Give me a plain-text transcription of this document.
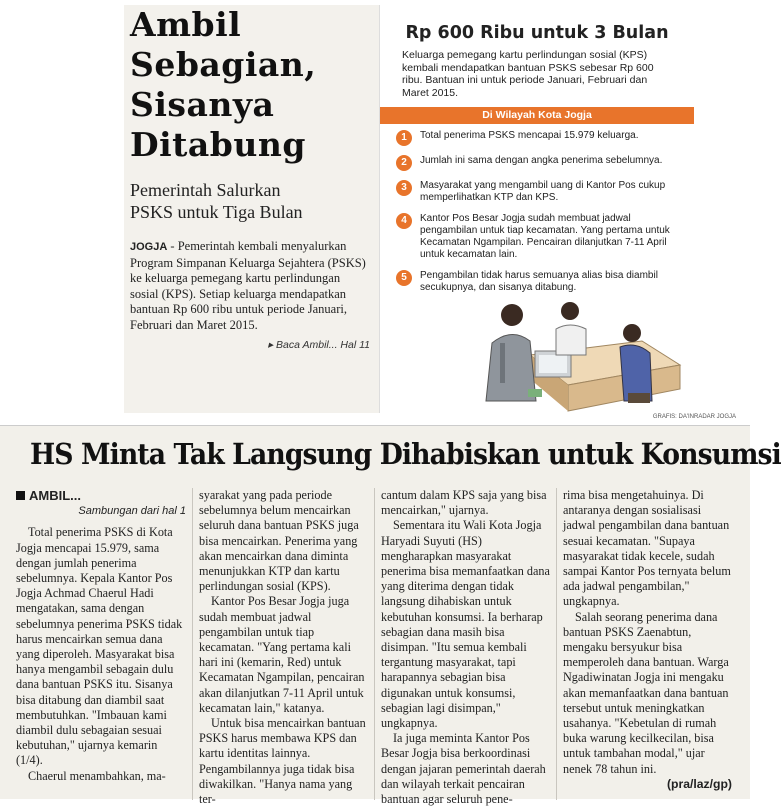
Ambil
Sebagian,
Sisanya
Ditabung
Pemerintah Salurkan
PSKS untuk Tiga Bulan

JOGJA - Pemerintah kembali menyalurkan Program Simpanan Keluarga Sejahtera (PSKS) ke keluarga pemegang kartu perlindungan sosial (KPS). Setiap keluarga mendapatkan bantuan Rp 600 ribu untuk periode Januari, Februari dan Maret 2015.

▸ Baca Ambil... Hal 11
Rp 600 Ribu untuk 3 Bulan
Keluarga pemegang kartu perlindungan sosial (KPS) kembali mendapatkan bantuan PSKS sebesar Rp 600 ribu. Bantuan ini untuk periode Januari, Februari dan Maret 2015.
Di Wilayah Kota Jogja
1	Total penerima PSKS mencapai 15.979 keluarga.
2	Jumlah ini sama dengan angka penerima sebelumnya.
3	Masyarakat yang mengambil uang di Kantor Pos cukup memperlihatkan KTP dan KPS.
4	Kantor Pos Besar Jogja sudah membuat jadwal pengambilan untuk tiap kecamatan. Yang pertama untuk Kecamatan Ngampilan. Pencairan dilanjutkan 7-11 April untuk kecamatan lain.
5	Pengambilan tidak harus semuanya alias bisa diambil secukupnya, dan sisanya ditabung.
GRAFIS: DA'INRADAR JOGJA
HS Minta Tak Langsung Dihabiskan untuk Konsumsi
AMBIL...
Sambungan dari hal 1

Total penerima PSKS di Kota Jogja mencapai 15.979, sama dengan jumlah penerima sebelumnya. Kepala Kantor Pos Jogja Achmad Chaerul Hadi mengatakan, sama dengan sebelumnya penerima PSKS tidak harus mencairkan semua dana yang diperoleh. Masyarakat bisa hanya mengambil sebagain dulu dana bantuan PSKS itu. Sisanya bisa ditabung dan diambil saat membutuhkan. "Imbauan kami diambil dulu sebagaian sesuai kebutuhan," ujarnya kemarin (1/4).

Chaerul menambahkan, ma-

syarakat yang pada periode sebelumnya belum mencairkan seluruh dana bantuan PSKS juga bisa mencairkan. Penerima yang akan mencairkan dana diminta menunjukkan KTP dan kartu perlindungan sosial (KPS).

Kantor Pos Besar Jogja juga sudah membuat jadwal pengambilan untuk tiap kecamatan. "Yang pertama kali hari ini (kemarin, Red) untuk Kecamatan Ngampilan, pencairan akan dilanjutkan 7-11 April untuk kecamatan lain," katanya.

Untuk bisa mencairkan bantuan PSKS harus membawa KPS dan kartu identitas lainnya. Pengambilannya juga tidak bisa diwakilkan. "Hanya nama yang ter-

cantum dalam KPS saja yang bisa mencairkan," ujarnya.

Sementara itu Wali Kota Jogja Haryadi Suyuti (HS) mengharapkan masyarakat penerima bisa memanfaatkan dana yang diterima dengan tidak langsung dihabiskan untuk kebutuhan konsumsi. Ia berharap sebagian dana masih bisa disimpan. "Itu semua kembali tergantung masyarakat, tapi harapannya sebagian bisa digunakan untuk konsumsi, sebagian lagi disimpan," ungkapnya.

Ia juga meminta Kantor Pos Besar Jogja bisa berkoordinasi dengan jajaran pemerintah daerah dan wilayah terkait pencairan bantuan agar seluruh pene-

rima bisa mengetahuinya. Di antaranya dengan sosialisasi jadwal pengambilan dana bantuan sesuai kecamatan. "Supaya masyarakat tidak kecele, sudah sampai Kantor Pos ternyata belum ada jadwal pengambilan," ungkapnya.

Salah seorang penerima dana bantuan PSKS Zaenabtun, mengaku bersyukur bisa memperoleh dana bantuan. Warga Ngadiwinatan Jogja ini mengaku akan memanfaatkan dana bantuan tersebut untuk meningkatkan usahanya. "Kebetulan di rumah buka warung kecilkecilan, bisa untuk tambahan modal," ujar nenek 78 tahun ini.

(pra/laz/gp)
